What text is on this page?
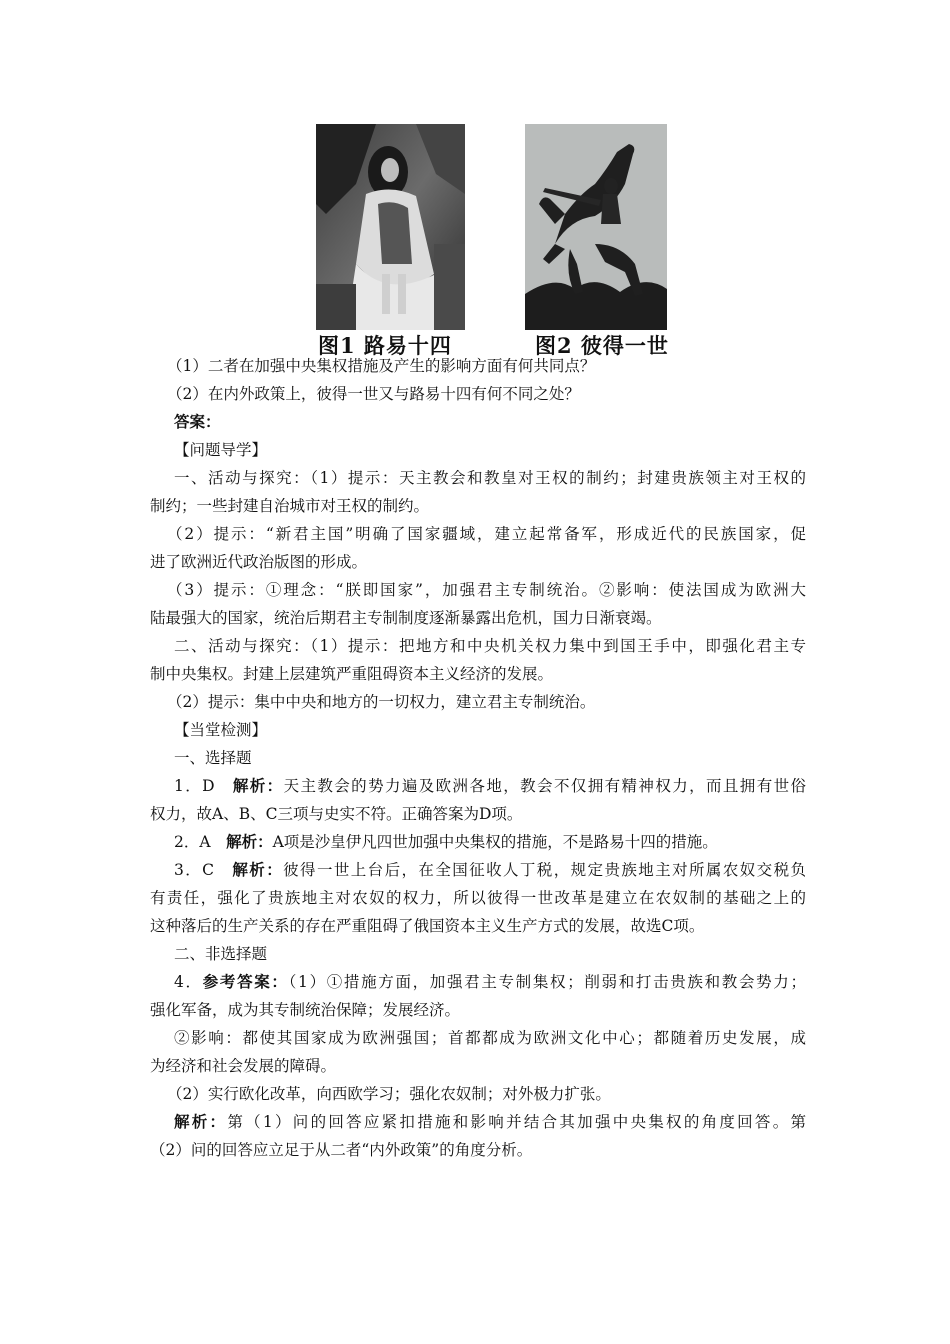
图1 路易十四	图2 彼得一世
（1）二者在加强中央集权措施及产生的影响方面有何共同点？
（2）在内外政策上，彼得一世又与路易十四有何不同之处？
答案：
【问题导学】
一、活动与探究：（1）提示：天主教会和教皇对王权的制约；封建贵族领主对王权的
制约；一些封建自治城市对王权的制约。
（2）提示：“新君主国”明确了国家疆域，建立起常备军，形成近代的民族国家，促
进了欧洲近代政治版图的形成。
（3）提示：①理念：“朕即国家”，加强君主专制统治。②影响：使法国成为欧洲大
陆最强大的国家，统治后期君主专制制度逐渐暴露出危机，国力日渐衰竭。
二、活动与探究：（1）提示：把地方和中央机关权力集中到国王手中，即强化君主专
制中央集权。封建上层建筑严重阻碍资本主义经济的发展。
（2）提示：集中中央和地方的一切权力，建立君主专制统治。
【当堂检测】
一、选择题
1．D　解析：天主教会的势力遍及欧洲各地，教会不仅拥有精神权力，而且拥有世俗
权力，故A、B、C三项与史实不符。正确答案为D项。
2．A　解析：A项是沙皇伊凡四世加强中央集权的措施，不是路易十四的措施。
3．C　解析：彼得一世上台后，在全国征收人丁税，规定贵族地主对所属农奴交税负
有责任，强化了贵族地主对农奴的权力，所以彼得一世改革是建立在农奴制的基础之上的
这种落后的生产关系的存在严重阻碍了俄国资本主义生产方式的发展，故选C项。
二、非选择题
4．参考答案：（1）①措施方面，加强君主专制集权；削弱和打击贵族和教会势力；
强化军备，成为其专制统治保障；发展经济。
②影响：都使其国家成为欧洲强国；首都都成为欧洲文化中心；都随着历史发展，成
为经济和社会发展的障碍。
（2）实行欧化改革，向西欧学习；强化农奴制；对外极力扩张。
解析：第（1）问的回答应紧扣措施和影响并结合其加强中央集权的角度回答。第
（2）问的回答应立足于从二者“内外政策”的角度分析。
